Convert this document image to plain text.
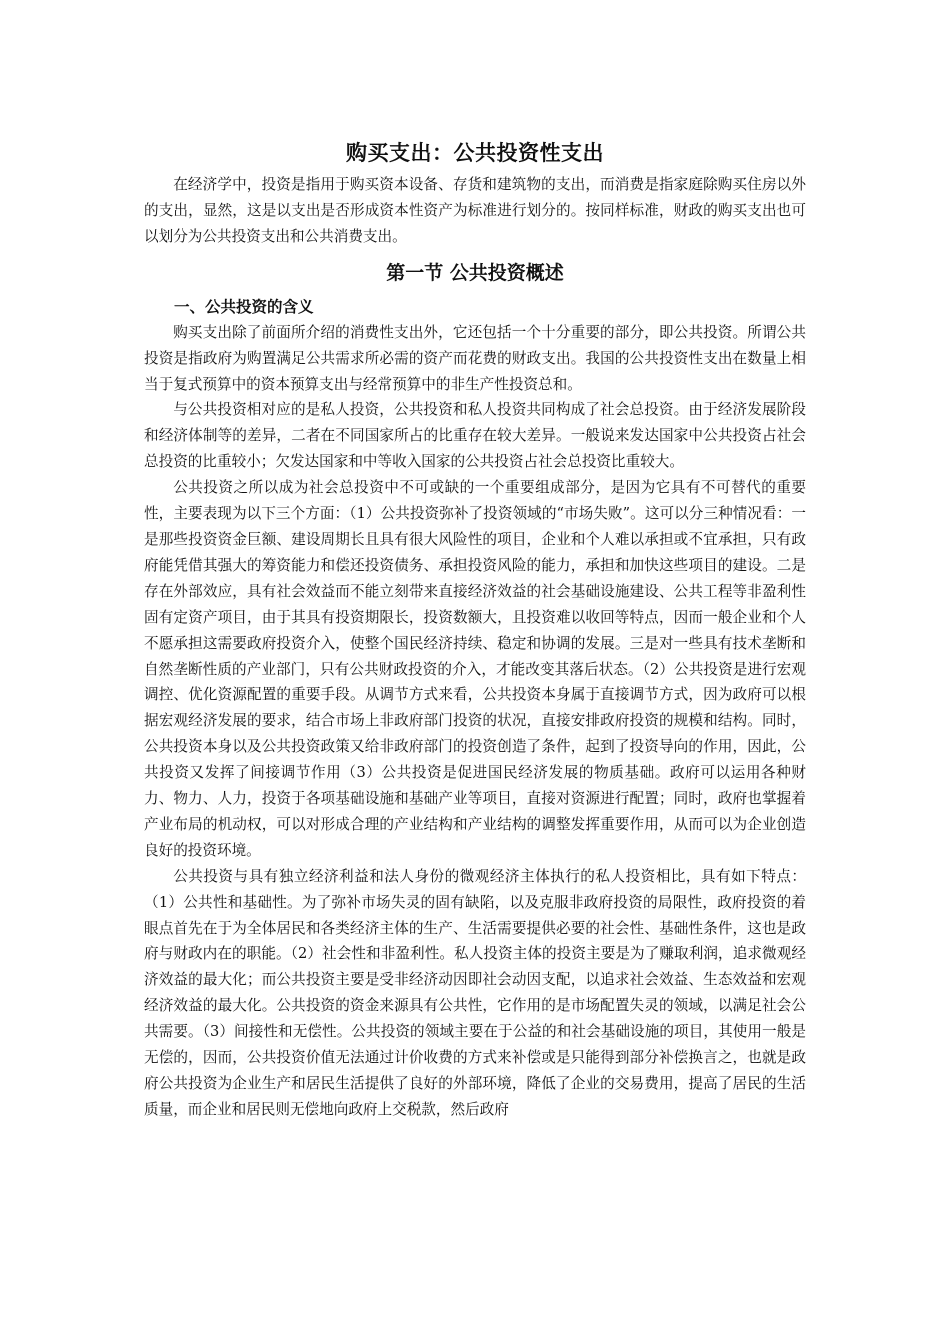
购买支出：公共投资性支出

在经济学中，投资是指用于购买资本设备、存货和建筑物的支出，而消费是指家庭除购买住房以外的支出，显然，这是以支出是否形成资本性资产为标准进行划分的。按同样标准，财政的购买支出也可以划分为公共投资支出和公共消费支出。

第一节 公共投资概述
一、公共投资的含义

购买支出除了前面所介绍的消费性支出外，它还包括一个十分重要的部分，即公共投资。所谓公共投资是指政府为购置满足公共需求所必需的资产而花费的财政支出。我国的公共投资性支出在数量上相当于复式预算中的资本预算支出与经常预算中的非生产性投资总和。

与公共投资相对应的是私人投资，公共投资和私人投资共同构成了社会总投资。由于经济发展阶段和经济体制等的差异，二者在不同国家所占的比重存在较大差异。一般说来发达国家中公共投资占社会总投资的比重较小；欠发达国家和中等收入国家的公共投资占社会总投资比重较大。

公共投资之所以成为社会总投资中不可或缺的一个重要组成部分，是因为它具有不可替代的重要性，主要表现为以下三个方面：（1）公共投资弥补了投资领域的“市场失败”。这可以分三种情况看：一是那些投资资金巨额、建设周期长且具有很大风险性的项目，企业和个人难以承担或不宜承担，只有政府能凭借其强大的筹资能力和偿还投资债务、承担投资风险的能力，承担和加快这些项目的建设。二是存在外部效应，具有社会效益而不能立刻带来直接经济效益的社会基础设施建设、公共工程等非盈利性固有定资产项目，由于其具有投资期限长，投资数额大，且投资难以收回等特点，因而一般企业和个人不愿承担这需要政府投资介入，使整个国民经济持续、稳定和协调的发展。三是对一些具有技术垄断和自然垄断性质的产业部门，只有公共财政投资的介入，才能改变其落后状态。（2）公共投资是进行宏观调控、优化资源配置的重要手段。从调节方式来看，公共投资本身属于直接调节方式，因为政府可以根据宏观经济发展的要求，结合市场上非政府部门投资的状况，直接安排政府投资的规模和结构。同时，公共投资本身以及公共投资政策又给非政府部门的投资创造了条件，起到了投资导向的作用，因此，公共投资又发挥了间接调节作用（3）公共投资是促进国民经济发展的物质基础。政府可以运用各种财力、物力、人力，投资于各项基础设施和基础产业等项目，直接对资源进行配置；同时，政府也掌握着产业布局的机动权，可以对形成合理的产业结构和产业结构的调整发挥重要作用，从而可以为企业创造良好的投资环境。

公共投资与具有独立经济利益和法人身份的微观经济主体执行的私人投资相比，具有如下特点：（1）公共性和基础性。为了弥补市场失灵的固有缺陷，以及克服非政府投资的局限性，政府投资的着眼点首先在于为全体居民和各类经济主体的生产、生活需要提供必要的社会性、基础性条件，这也是政府与财政内在的职能。（2）社会性和非盈利性。私人投资主体的投资主要是为了赚取利润，追求微观经济效益的最大化；而公共投资主要是受非经济动因即社会动因支配，以追求社会效益、生态效益和宏观经济效益的最大化。公共投资的资金来源具有公共性，它作用的是市场配置失灵的领域，以满足社会公共需要。（3）间接性和无偿性。公共投资的领域主要在于公益的和社会基础设施的项目，其使用一般是无偿的，因而，公共投资价值无法通过计价收费的方式来补偿或是只能得到部分补偿换言之，也就是政府公共投资为企业生产和居民生活提供了良好的外部环境，降低了企业的交易费用，提高了居民的生活质量，而企业和居民则无偿地向政府上交税款，然后政府
